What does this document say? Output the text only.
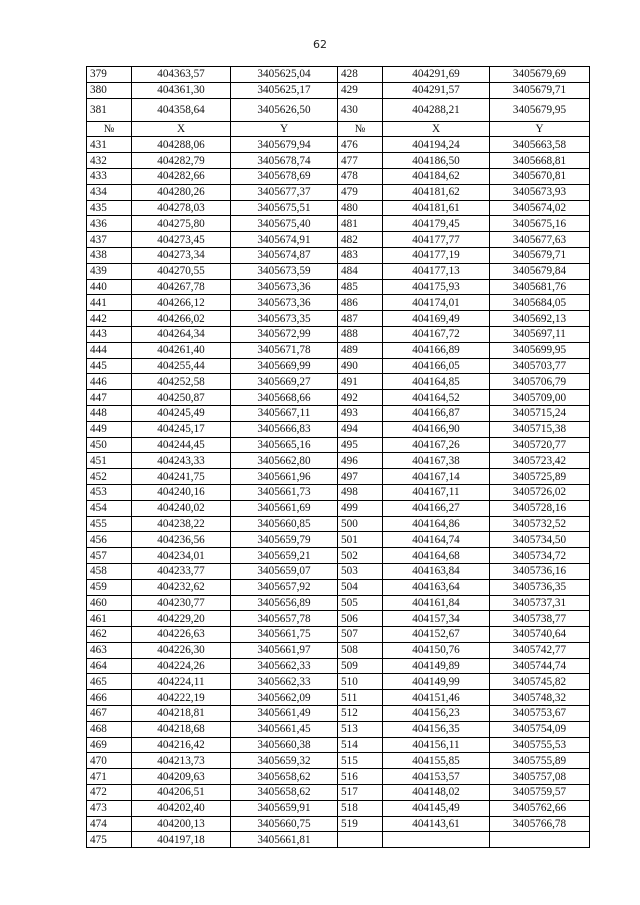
62
379	404363,57	3405625,04	428	404291,69	3405679,69
380	404361,30	3405625,17	429	404291,57	3405679,71
381	404358,64	3405626,50	430	404288,21	3405679,95
№	X	Y	№	X	Y
431	404288,06	3405679,94	476	404194,24	3405663,58
432	404282,79	3405678,74	477	404186,50	3405668,81
433	404282,66	3405678,69	478	404184,62	3405670,81
434	404280,26	3405677,37	479	404181,62	3405673,93
435	404278,03	3405675,51	480	404181,61	3405674,02
436	404275,80	3405675,40	481	404179,45	3405675,16
437	404273,45	3405674,91	482	404177,77	3405677,63
438	404273,34	3405674,87	483	404177,19	3405679,71
439	404270,55	3405673,59	484	404177,13	3405679,84
440	404267,78	3405673,36	485	404175,93	3405681,76
441	404266,12	3405673,36	486	404174,01	3405684,05
442	404266,02	3405673,35	487	404169,49	3405692,13
443	404264,34	3405672,99	488	404167,72	3405697,11
444	404261,40	3405671,78	489	404166,89	3405699,95
445	404255,44	3405669,99	490	404166,05	3405703,77
446	404252,58	3405669,27	491	404164,85	3405706,79
447	404250,87	3405668,66	492	404164,52	3405709,00
448	404245,49	3405667,11	493	404166,87	3405715,24
449	404245,17	3405666,83	494	404166,90	3405715,38
450	404244,45	3405665,16	495	404167,26	3405720,77
451	404243,33	3405662,80	496	404167,38	3405723,42
452	404241,75	3405661,96	497	404167,14	3405725,89
453	404240,16	3405661,73	498	404167,11	3405726,02
454	404240,02	3405661,69	499	404166,27	3405728,16
455	404238,22	3405660,85	500	404164,86	3405732,52
456	404236,56	3405659,79	501	404164,74	3405734,50
457	404234,01	3405659,21	502	404164,68	3405734,72
458	404233,77	3405659,07	503	404163,84	3405736,16
459	404232,62	3405657,92	504	404163,64	3405736,35
460	404230,77	3405656,89	505	404161,84	3405737,31
461	404229,20	3405657,78	506	404157,34	3405738,77
462	404226,63	3405661,75	507	404152,67	3405740,64
463	404226,30	3405661,97	508	404150,76	3405742,77
464	404224,26	3405662,33	509	404149,89	3405744,74
465	404224,11	3405662,33	510	404149,99	3405745,82
466	404222,19	3405662,09	511	404151,46	3405748,32
467	404218,81	3405661,49	512	404156,23	3405753,67
468	404218,68	3405661,45	513	404156,35	3405754,09
469	404216,42	3405660,38	514	404156,11	3405755,53
470	404213,73	3405659,32	515	404155,85	3405755,89
471	404209,63	3405658,62	516	404153,57	3405757,08
472	404206,51	3405658,62	517	404148,02	3405759,57
473	404202,40	3405659,91	518	404145,49	3405762,66
474	404200,13	3405660,75	519	404143,61	3405766,78
475	404197,18	3405661,81			
